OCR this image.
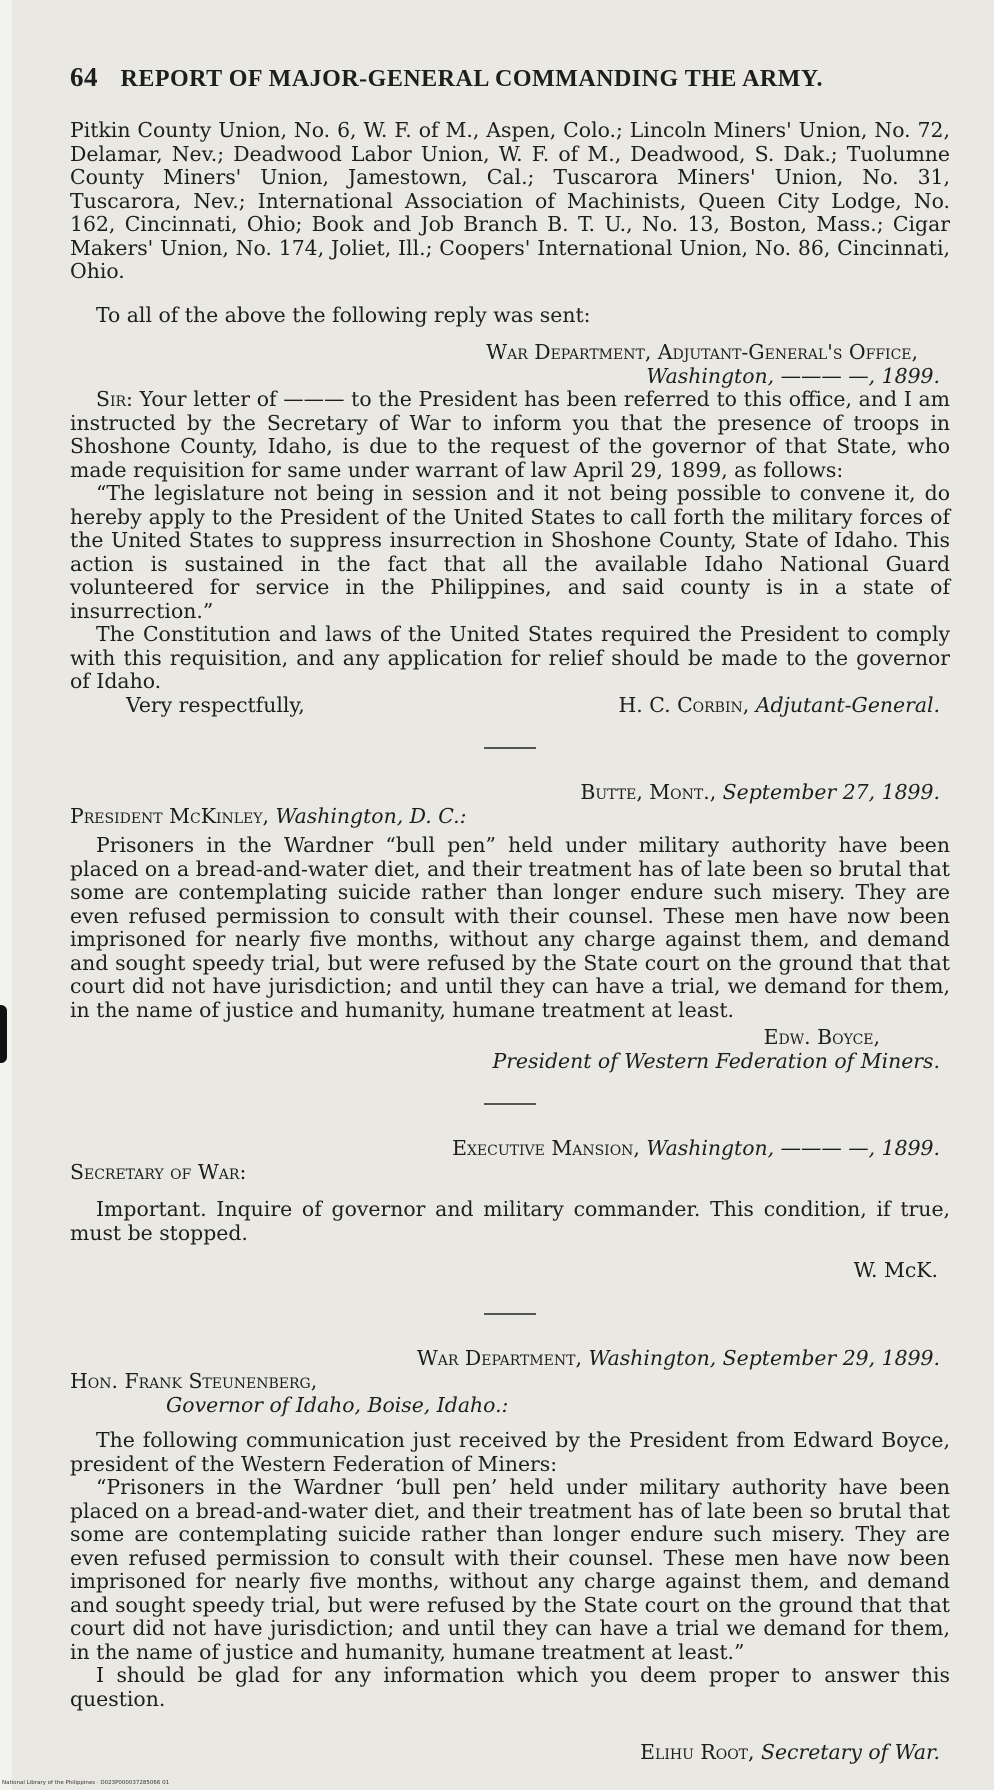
64 REPORT OF MAJOR-GENERAL COMMANDING THE ARMY.

Pitkin County Union, No. 6, W. F. of M., Aspen, Colo.; Lincoln Miners' Union, No. 72, Delamar, Nev.; Deadwood Labor Union, W. F. of M., Deadwood, S. Dak.; Tuolumne County Miners' Union, Jamestown, Cal.; Tuscarora Miners' Union, No. 31, Tuscarora, Nev.; International Association of Machinists, Queen City Lodge, No. 162, Cincinnati, Ohio; Book and Job Branch B. T. U., No. 13, Boston, Mass.; Cigar Makers' Union, No. 174, Joliet, Ill.; Coopers' International Union, No. 86, Cincinnati, Ohio.

To all of the above the following reply was sent:

War Department, Adjutant-General's Office,

Washington, ——— —, 1899.

Sir: Your letter of ——— to the President has been referred to this office, and I am instructed by the Secretary of War to inform you that the presence of troops in Shoshone County, Idaho, is due to the request of the governor of that State, who made requisition for same under warrant of law April 29, 1899, as follows:

“The legislature not being in session and it not being possible to convene it, do hereby apply to the President of the United States to call forth the military forces of the United States to suppress insurrection in Shoshone County, State of Idaho. This action is sustained in the fact that all the available Idaho National Guard volunteered for service in the Philippines, and said county is in a state of insurrection.”

The Constitution and laws of the United States required the President to comply with this requisition, and any application for relief should be made to the governor of Idaho.

Very respectfully,	H. C. Corbin, Adjutant-General.

Butte, Mont., September 27, 1899.

President McKinley, Washington, D. C.:

Prisoners in the Wardner “bull pen” held under military authority have been placed on a bread-and-water diet, and their treatment has of late been so brutal that some are contemplating suicide rather than longer endure such misery. They are even refused permission to consult with their counsel. These men have now been imprisoned for nearly five months, without any charge against them, and demand and sought speedy trial, but were refused by the State court on the ground that that court did not have jurisdiction; and until they can have a trial, we demand for them, in the name of justice and humanity, humane treatment at least.

Edw. Boyce,

President of Western Federation of Miners.

Executive Mansion, Washington, ——— —, 1899.

Secretary of War:

Important. Inquire of governor and military commander. This condition, if true, must be stopped.

W. McK.

War Department, Washington, September 29, 1899.

Hon. Frank Steunenberg,

Governor of Idaho, Boise, Idaho.:

The following communication just received by the President from Edward Boyce, president of the Western Federation of Miners:

“Prisoners in the Wardner ‘bull pen’ held under military authority have been placed on a bread-and-water diet, and their treatment has of late been so brutal that some are contemplating suicide rather than longer endure such misery. They are even refused permission to consult with their counsel. These men have now been imprisoned for nearly five months, without any charge against them, and demand and sought speedy trial, but were refused by the State court on the ground that that court did not have jurisdiction; and until they can have a trial we demand for them, in the name of justice and humanity, humane treatment at least.”

I should be glad for any information which you deem proper to answer this question.

Elihu Root, Secretary of War.

National Library of the Philippines · D023P000037285066 01
